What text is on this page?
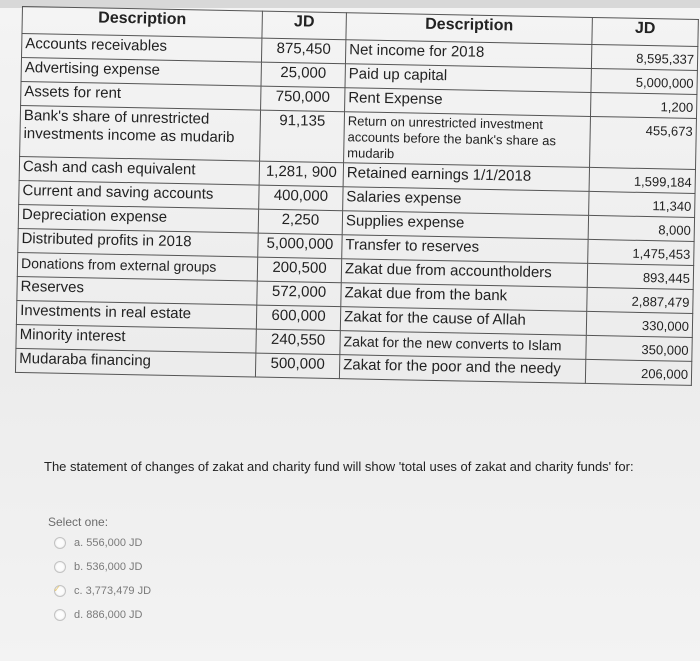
Description	JD	Description	JD
Accounts receivables	875,450	Net income for 2018	8,595,337
Advertising expense	25,000	Paid up capital	5,000,000
Assets for rent	750,000	Rent Expense	1,200
Bank's share of unrestricted investments income as mudarib	91,135	Return on unrestricted investment accounts before the bank's share as mudarib	455,673
Cash and cash equivalent	1,281, 900	Retained earnings 1/1/2018	1,599,184
Current and saving accounts	400,000	Salaries expense	11,340
Depreciation expense	2,250	Supplies expense	8,000
Distributed profits in 2018	5,000,000	Transfer to reserves	1,475,453
Donations from external groups	200,500	Zakat due from accountholders	893,445
Reserves	572,000	Zakat due from the bank	2,887,479
Investments in real estate	600,000	Zakat for the cause of Allah	330,000
Minority interest	240,550	Zakat for the new converts to Islam	350,000
Mudaraba financing	500,000	Zakat for the poor and the needy	206,000
The statement of changes of zakat and charity fund will show 'total uses of zakat and charity funds' for:
Select one:
a. 556,000 JD
b. 536,000 JD
✓ c. 3,773,479 JD
d. 886,000 JD
